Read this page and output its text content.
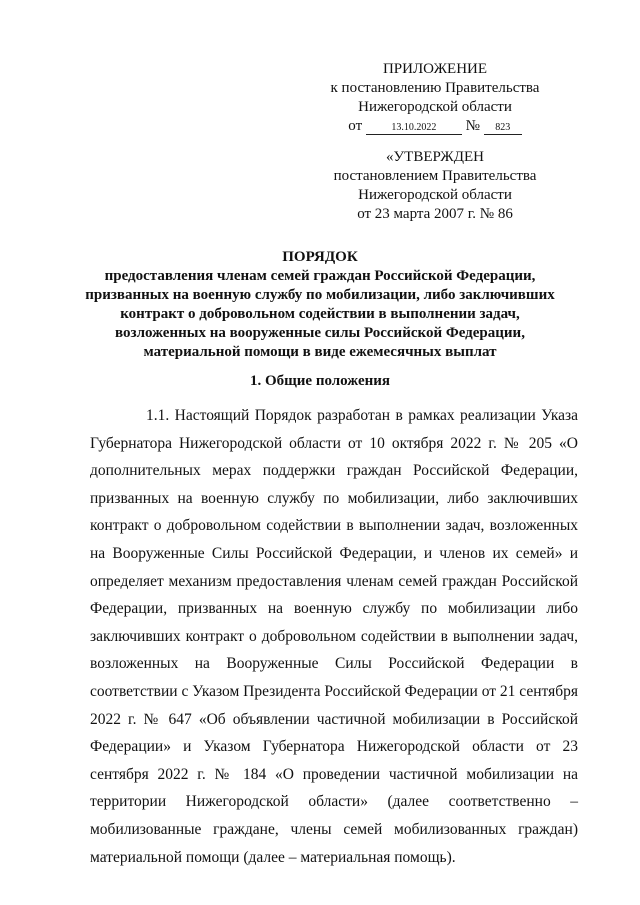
ПРИЛОЖЕНИЕ
к постановлению Правительства
Нижегородской области
от	13.10.2022 № 823
«УТВЕРЖДЕН
постановлением Правительства
Нижегородской области
от 23 марта 2007 г. № 86
ПОРЯДОК
предоставления членам семей граждан Российской Федерации,
призванных на военную службу по мобилизации, либо заключивших
контракт о добровольном содействии в выполнении задач,
возложенных на вооруженные силы Российской Федерации,
материальной помощи в виде ежемесячных выплат
1. Общие положения

1.1. Настоящий Порядок разработан в рамках реализации Указа Губернатора Нижегородской области от 10 октября 2022 г. № 205 «О дополнительных мерах поддержки граждан Российской Федерации, призванных на военную службу по мобилизации, либо заключивших контракт о добровольном содействии в выполнении задач, возложенных на Вооруженные Силы Российской Федерации, и членов их семей» и определяет механизм предоставления членам семей граждан Российской Федерации, призванных на военную службу по мобилизации либо заключивших контракт о добровольном содействии в выполнении задач, возложенных на Вооруженные Силы Российской Федерации в соответствии с Указом Президента Российской Федерации от 21 сентября 2022 г. № 647 «Об объявлении частичной мобилизации в Российской Федерации» и Указом Губернатора Нижегородской области от 23 сентября 2022 г. № 184 «О проведении частичной мобилизации на территории Нижегородской области» (далее соответственно – мобилизованные граждане, члены семей мобилизованных граждан) материальной помощи (далее – материальная помощь).
